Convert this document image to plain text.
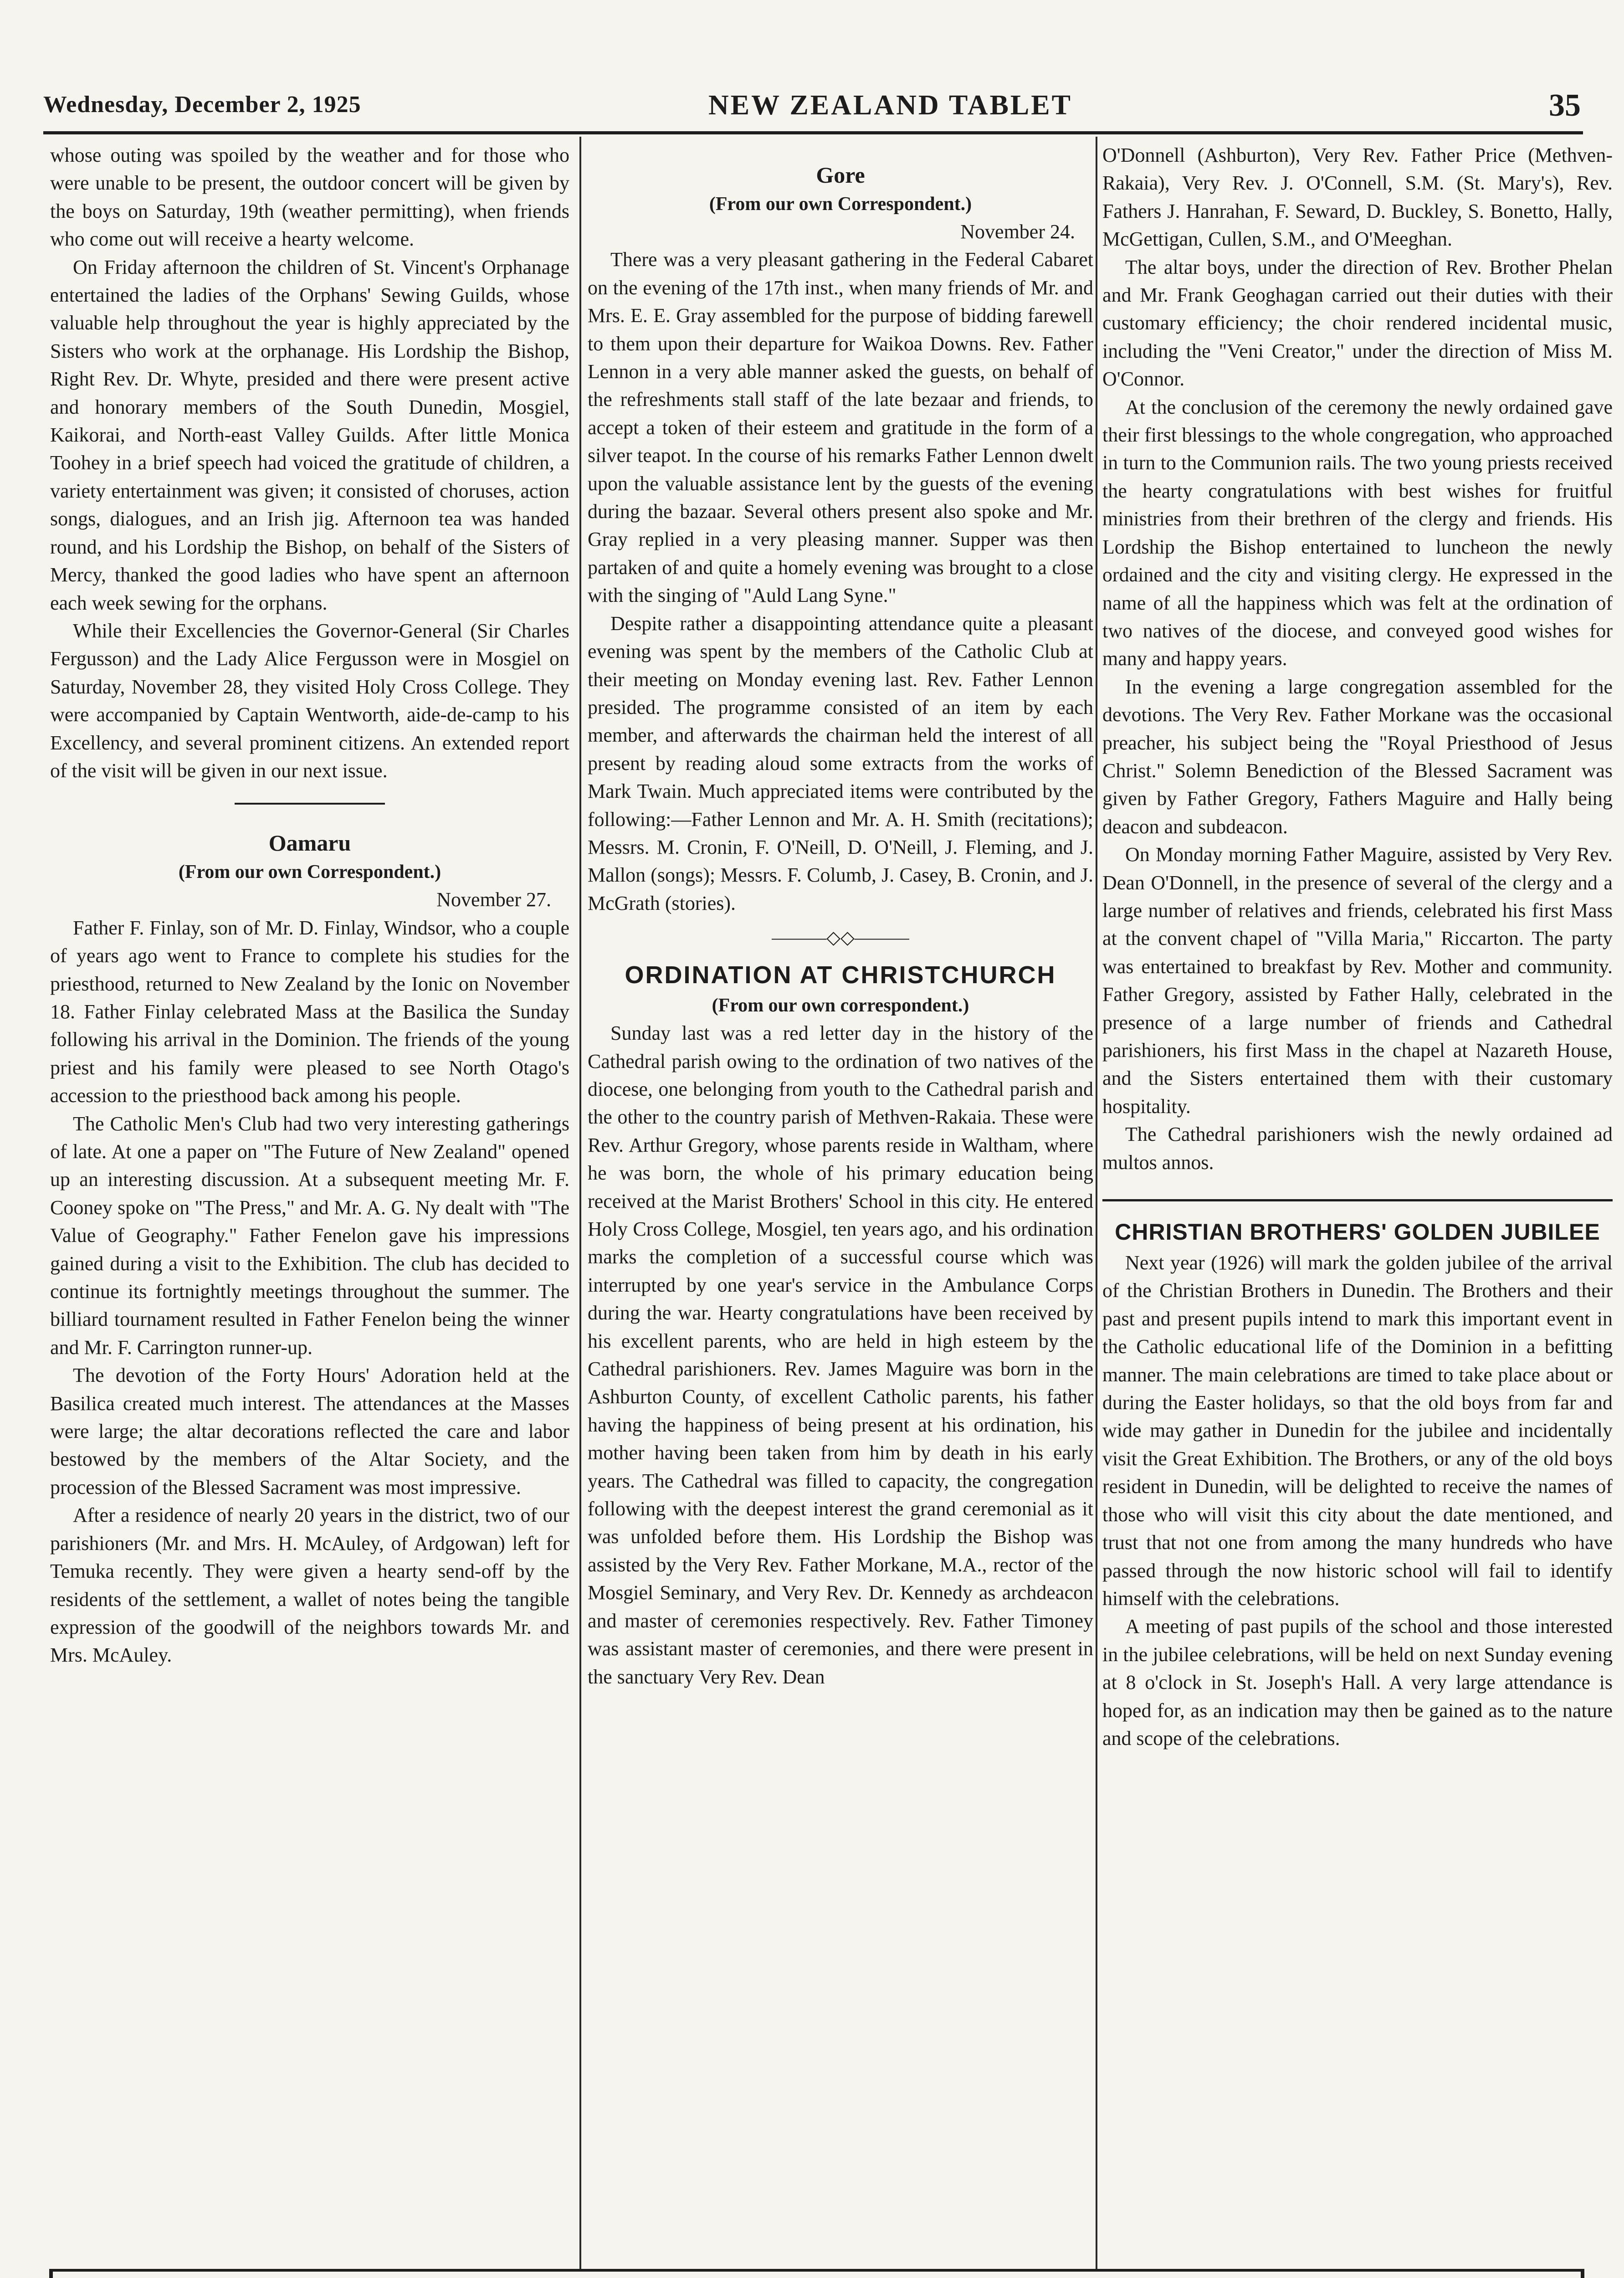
Wednesday, December 2, 1925	NEW ZEALAND TABLET	35

whose outing was spoiled by the weather and for those who were unable to be present, the outdoor concert will be given by the boys on Saturday, 19th (weather permitting), when friends who come out will receive a hearty welcome.

On Friday afternoon the children of St. Vincent's Orphanage entertained the ladies of the Orphans' Sewing Guilds, whose valuable help throughout the year is highly appreciated by the Sisters who work at the orphanage. His Lordship the Bishop, Right Rev. Dr. Whyte, presided and there were present active and honorary members of the South Dunedin, Mosgiel, Kaikorai, and North-east Valley Guilds. After little Monica Toohey in a brief speech had voiced the gratitude of children, a variety entertainment was given; it consisted of choruses, action songs, dialogues, and an Irish jig. Afternoon tea was handed round, and his Lordship the Bishop, on behalf of the Sisters of Mercy, thanked the good ladies who have spent an afternoon each week sewing for the orphans.

While their Excellencies the Governor-General (Sir Charles Fergusson) and the Lady Alice Fergusson were in Mosgiel on Saturday, November 28, they visited Holy Cross College. They were accompanied by Captain Wentworth, aide-de-camp to his Excellency, and several prominent citizens. An extended report of the visit will be given in our next issue.

Oamaru
(From our own Correspondent.)

November 27.

Father F. Finlay, son of Mr. D. Finlay, Windsor, who a couple of years ago went to France to complete his studies for the priesthood, returned to New Zealand by the Ionic on November 18. Father Finlay celebrated Mass at the Basilica the Sunday following his arrival in the Dominion. The friends of the young priest and his family were pleased to see North Otago's accession to the priesthood back among his people.

The Catholic Men's Club had two very interesting gatherings of late. At one a paper on "The Future of New Zealand" opened up an interesting discussion. At a subsequent meeting Mr. F. Cooney spoke on "The Press," and Mr. A. G. Ny dealt with "The Value of Geography." Father Fenelon gave his impressions gained during a visit to the Exhibition. The club has decided to continue its fortnightly meetings throughout the summer. The billiard tournament resulted in Father Fenelon being the winner and Mr. F. Carrington runner-up.

The devotion of the Forty Hours' Adoration held at the Basilica created much interest. The attendances at the Masses were large; the altar decorations reflected the care and labor bestowed by the members of the Altar Society, and the procession of the Blessed Sacrament was most impressive.

After a residence of nearly 20 years in the district, two of our parishioners (Mr. and Mrs. H. McAuley, of Ardgowan) left for Temuka recently. They were given a hearty send-off by the residents of the settlement, a wallet of notes being the tangible expression of the goodwill of the neighbors towards Mr. and Mrs. McAuley.

Gore
(From our own Correspondent.)

November 24.

There was a very pleasant gathering in the Federal Cabaret on the evening of the 17th inst., when many friends of Mr. and Mrs. E. E. Gray assembled for the purpose of bidding farewell to them upon their departure for Waikoa Downs. Rev. Father Lennon in a very able manner asked the guests, on behalf of the refreshments stall staff of the late bezaar and friends, to accept a token of their esteem and gratitude in the form of a silver teapot. In the course of his remarks Father Lennon dwelt upon the valuable assistance lent by the guests of the evening during the bazaar. Several others present also spoke and Mr. Gray replied in a very pleasing manner. Supper was then partaken of and quite a homely evening was brought to a close with the singing of "Auld Lang Syne."

Despite rather a disappointing attendance quite a pleasant evening was spent by the members of the Catholic Club at their meeting on Monday evening last. Rev. Father Lennon presided. The programme consisted of an item by each member, and afterwards the chairman held the interest of all present by reading aloud some extracts from the works of Mark Twain. Much appreciated items were contributed by the following:—Father Lennon and Mr. A. H. Smith (recitations); Messrs. M. Cronin, F. O'Neill, D. O'Neill, J. Fleming, and J. Mallon (songs); Messrs. F. Columb, J. Casey, B. Cronin, and J. McGrath (stories).

———◇◇———
ORDINATION AT CHRISTCHURCH
(From our own correspondent.)

Sunday last was a red letter day in the history of the Cathedral parish owing to the ordination of two natives of the diocese, one belonging from youth to the Cathedral parish and the other to the country parish of Methven-Rakaia. These were Rev. Arthur Gregory, whose parents reside in Waltham, where he was born, the whole of his primary education being received at the Marist Brothers' School in this city. He entered Holy Cross College, Mosgiel, ten years ago, and his ordination marks the completion of a successful course which was interrupted by one year's service in the Ambulance Corps during the war. Hearty congratulations have been received by his excellent parents, who are held in high esteem by the Cathedral parishioners. Rev. James Maguire was born in the Ashburton County, of excellent Catholic parents, his father having the happiness of being present at his ordination, his mother having been taken from him by death in his early years. The Cathedral was filled to capacity, the congregation following with the deepest interest the grand ceremonial as it was unfolded before them. His Lordship the Bishop was assisted by the Very Rev. Father Morkane, M.A., rector of the Mosgiel Seminary, and Very Rev. Dr. Kennedy as archdeacon and master of ceremonies respectively. Rev. Father Timoney was assistant master of ceremonies, and there were present in the sanctuary Very Rev. Dean

O'Donnell (Ashburton), Very Rev. Father Price (Methven-Rakaia), Very Rev. J. O'Connell, S.M. (St. Mary's), Rev. Fathers J. Hanrahan, F. Seward, D. Buckley, S. Bonetto, Hally, McGettigan, Cullen, S.M., and O'Meeghan.

The altar boys, under the direction of Rev. Brother Phelan and Mr. Frank Geoghagan carried out their duties with their customary efficiency; the choir rendered incidental music, including the "Veni Creator," under the direction of Miss M. O'Connor.

At the conclusion of the ceremony the newly ordained gave their first blessings to the whole congregation, who approached in turn to the Communion rails. The two young priests received the hearty congratulations with best wishes for fruitful ministries from their brethren of the clergy and friends. His Lordship the Bishop entertained to luncheon the newly ordained and the city and visiting clergy. He expressed in the name of all the happiness which was felt at the ordination of two natives of the diocese, and conveyed good wishes for many and happy years.

In the evening a large congregation assembled for the devotions. The Very Rev. Father Morkane was the occasional preacher, his subject being the "Royal Priesthood of Jesus Christ." Solemn Benediction of the Blessed Sacrament was given by Father Gregory, Fathers Maguire and Hally being deacon and subdeacon.

On Monday morning Father Maguire, assisted by Very Rev. Dean O'Donnell, in the presence of several of the clergy and a large number of relatives and friends, celebrated his first Mass at the convent chapel of "Villa Maria," Riccarton. The party was entertained to breakfast by Rev. Mother and community. Father Gregory, assisted by Father Hally, celebrated in the presence of a large number of friends and Cathedral parishioners, his first Mass in the chapel at Nazareth House, and the Sisters entertained them with their customary hospitality.

The Cathedral parishioners wish the newly ordained ad multos annos.

CHRISTIAN BROTHERS' GOLDEN JUBILEE

Next year (1926) will mark the golden jubilee of the arrival of the Christian Brothers in Dunedin. The Brothers and their past and present pupils intend to mark this important event in the Catholic educational life of the Dominion in a befitting manner. The main celebrations are timed to take place about or during the Easter holidays, so that the old boys from far and wide may gather in Dunedin for the jubilee and incidentally visit the Great Exhibition. The Brothers, or any of the old boys resident in Dunedin, will be delighted to receive the names of those who will visit this city about the date mentioned, and trust that not one from among the many hundreds who have passed through the now historic school will fail to identify himself with the celebrations.

A meeting of past pupils of the school and those interested in the jubilee celebrations, will be held on next Sunday evening at 8 o'clock in St. Joseph's Hall. A very large attendance is hoped for, as an indication may then be gained as to the nature and scope of the celebrations.
